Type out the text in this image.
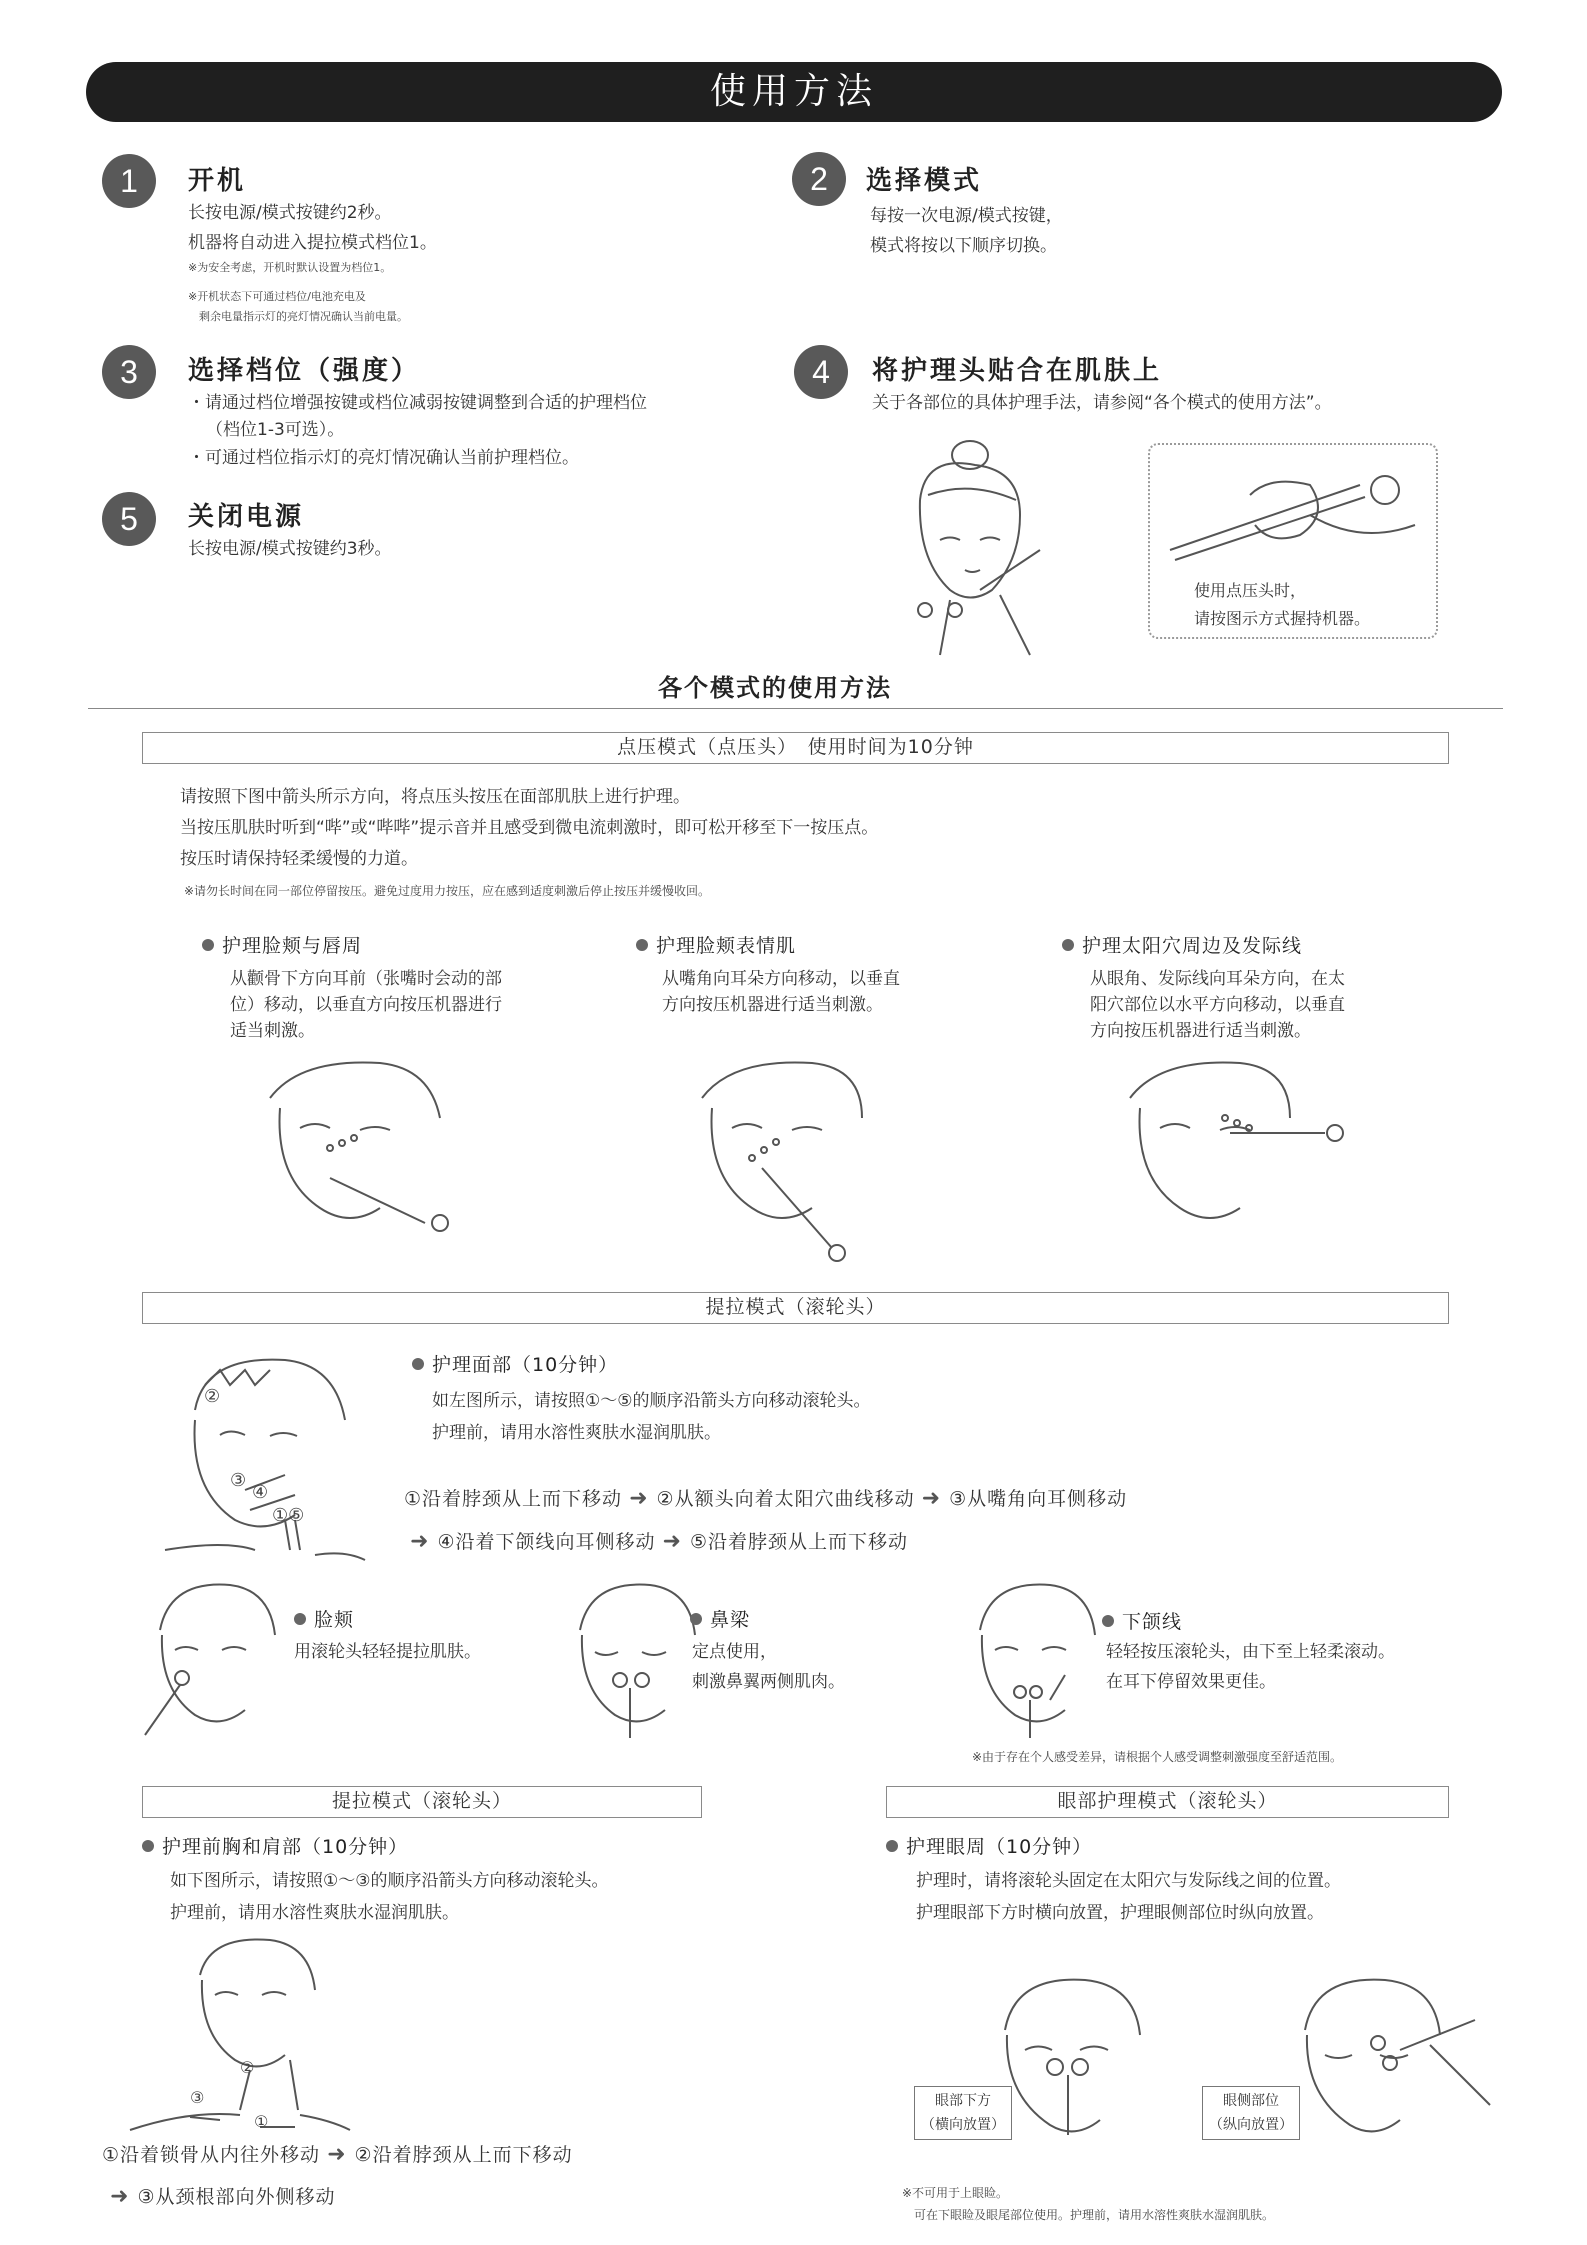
使用方法
1	开机
长按电源/模式按键约2秒。
机器将自动进入提拉模式档位1。
※为安全考虑，开机时默认设置为档位1。
※开机状态下可通过档位/电池充电及
　剩余电量指示灯的亮灯情况确认当前电量。
2	选择模式
每按一次电源/模式按键，
模式将按以下顺序切换。
3	选择档位（强度）
・请通过档位增强按键或档位减弱按键调整到合适的护理档位
（档位1-3可选）。
・可通过档位指示灯的亮灯情况确认当前护理档位。
4	将护理头贴合在肌肤上
关于各部位的具体护理手法，请参阅“各个模式的使用方法”。
5	关闭电源
长按电源/模式按键约3秒。
使用点压头时，
请按图示方式握持机器。
各个模式的使用方法
点压模式（点压头）　使用时间为10分钟
请按照下图中箭头所示方向，将点压头按压在面部肌肤上进行护理。
当按压肌肤时听到“哔”或“哔哔”提示音并且感受到微电流刺激时，即可松开移至下一按压点。
按压时请保持轻柔缓慢的力道。
※请勿长时间在同一部位停留按压。避免过度用力按压，应在感到适度刺激后停止按压并缓慢收回。
护理脸颊与唇周
从颧骨下方向耳前（张嘴时会动的部
位）移动，以垂直方向按压机器进行
适当刺激。
护理脸颊表情肌
从嘴角向耳朵方向移动，以垂直
方向按压机器进行适当刺激。
护理太阳穴周边及发际线
从眼角、发际线向耳朵方向，在太
阳穴部位以水平方向移动，以垂直
方向按压机器进行适当刺激。
提拉模式（滚轮头）
②
③
④
①⑤
护理面部（10分钟）
如左图所示，请按照①～⑤的顺序沿箭头方向移动滚轮头。
护理前，请用水溶性爽肤水湿润肌肤。
①沿着脖颈从上而下移动 ➜ ②从额头向着太阳穴曲线移动 ➜ ③从嘴角向耳侧移动
➜ ④沿着下颌线向耳侧移动 ➜ ⑤沿着脖颈从上而下移动
脸颊
用滚轮头轻轻提拉肌肤。
鼻梁
定点使用，
刺激鼻翼两侧肌肉。
下颌线
轻轻按压滚轮头，由下至上轻柔滚动。
在耳下停留效果更佳。
※由于存在个人感受差异，请根据个人感受调整刺激强度至舒适范围。
提拉模式（滚轮头）
护理前胸和肩部（10分钟）
如下图所示，请按照①～③的顺序沿箭头方向移动滚轮头。
护理前，请用水溶性爽肤水湿润肌肤。
②
③
①
①沿着锁骨从内往外移动 ➜ ②沿着脖颈从上而下移动
➜ ③从颈根部向外侧移动
眼部护理模式（滚轮头）
护理眼周（10分钟）
护理时，请将滚轮头固定在太阳穴与发际线之间的位置。
护理眼部下方时横向放置，护理眼侧部位时纵向放置。
眼部下方
（横向放置）
眼侧部位
（纵向放置）
※不可用于上眼睑。
　可在下眼睑及眼尾部位使用。护理前，请用水溶性爽肤水湿润肌肤。
